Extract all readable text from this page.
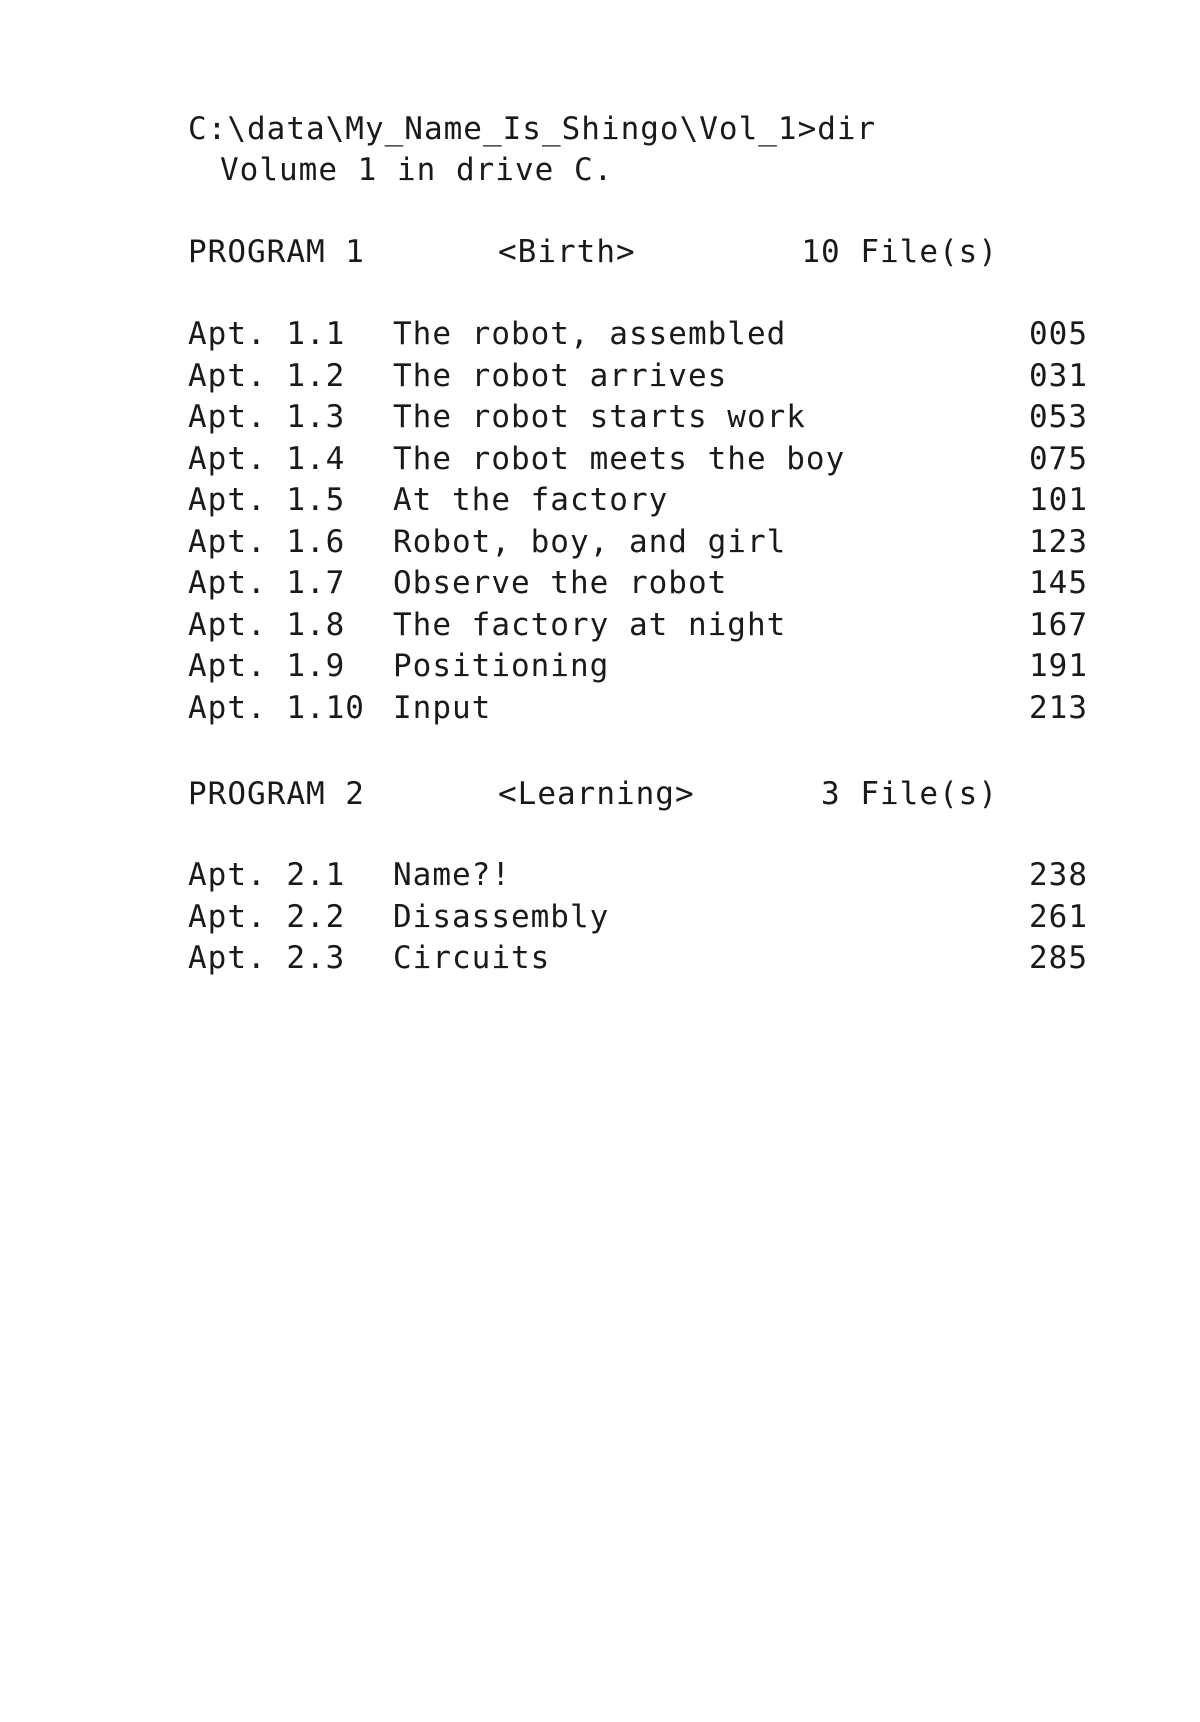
C:\data\My_Name_Is_Shingo\Vol_1>dir
Volume 1 in drive C.
PROGRAM 1	<Birth>	10 File(s)
Apt. 1.1 The robot, assembled	005
Apt. 1.2 The robot arrives	031
Apt. 1.3 The robot starts work	053
Apt. 1.4 The robot meets the boy	075
Apt. 1.5 At the factory	101
Apt. 1.6 Robot, boy, and girl	123
Apt. 1.7 Observe the robot	145
Apt. 1.8 The factory at night	167
Apt. 1.9 Positioning	191
Apt. 1.10 Input	213
PROGRAM 2	<Learning>	3 File(s)
Apt. 2.1 Name?!	238
Apt. 2.2 Disassembly	261
Apt. 2.3 Circuits	285
